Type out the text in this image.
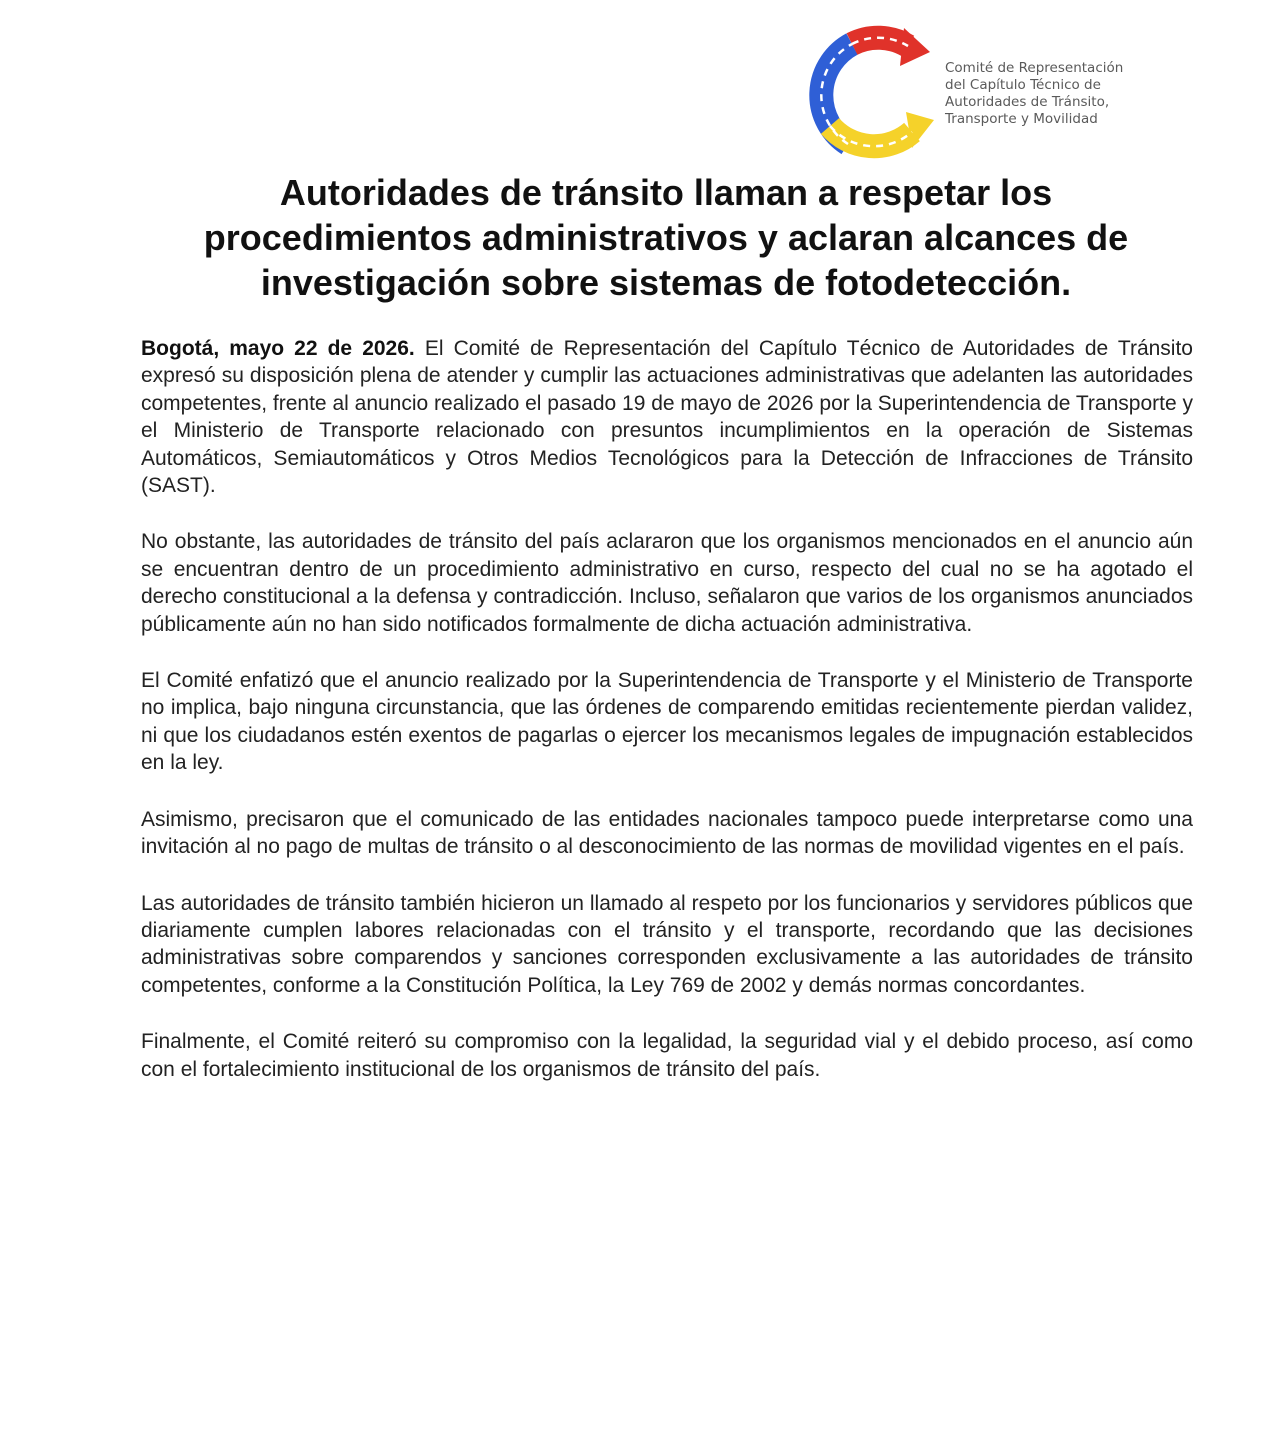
Comité de Representación
del Capítulo Técnico de
Autoridades de Tránsito,
Transporte y Movilidad
Autoridades de tránsito llaman a respetar los
procedimientos administrativos y aclaran alcances de
investigación sobre sistemas de fotodetección.

Bogotá, mayo 22 de 2026. El Comité de Representación del Capítulo Técnico de Autoridades de Tránsito expresó su disposición plena de atender y cumplir las actuaciones administrativas que adelanten las autoridades competentes, frente al anuncio realizado el pasado 19 de mayo de 2026 por la Superintendencia de Transporte y el Ministerio de Transporte relacionado con presuntos incumplimientos en la operación de Sistemas Automáticos, Semiautomáticos y Otros Medios Tecnológicos para la Detección de Infracciones de Tránsito (SAST).

No obstante, las autoridades de tránsito del país aclararon que los organismos mencionados en el anuncio aún se encuentran dentro de un procedimiento administrativo en curso, respecto del cual no se ha agotado el derecho constitucional a la defensa y contradicción. Incluso, señalaron que varios de los organismos anunciados públicamente aún no han sido notificados formalmente de dicha actuación administrativa.

El Comité enfatizó que el anuncio realizado por la Superintendencia de Transporte y el Ministerio de Transporte no implica, bajo ninguna circunstancia, que las órdenes de comparendo emitidas recientemente pierdan validez, ni que los ciudadanos estén exentos de pagarlas o ejercer los mecanismos legales de impugnación establecidos en la ley.

Asimismo, precisaron que el comunicado de las entidades nacionales tampoco puede interpretarse como una invitación al no pago de multas de tránsito o al desconocimiento de las normas de movilidad vigentes en el país.

Las autoridades de tránsito también hicieron un llamado al respeto por los funcionarios y servidores públicos que diariamente cumplen labores relacionadas con el tránsito y el transporte, recordando que las decisiones administrativas sobre comparendos y sanciones corresponden exclusivamente a las autoridades de tránsito competentes, conforme a la Constitución Política, la Ley 769 de 2002 y demás normas concordantes.

Finalmente, el Comité reiteró su compromiso con la legalidad, la seguridad vial y el debido proceso, así como con el fortalecimiento institucional de los organismos de tránsito del país.
